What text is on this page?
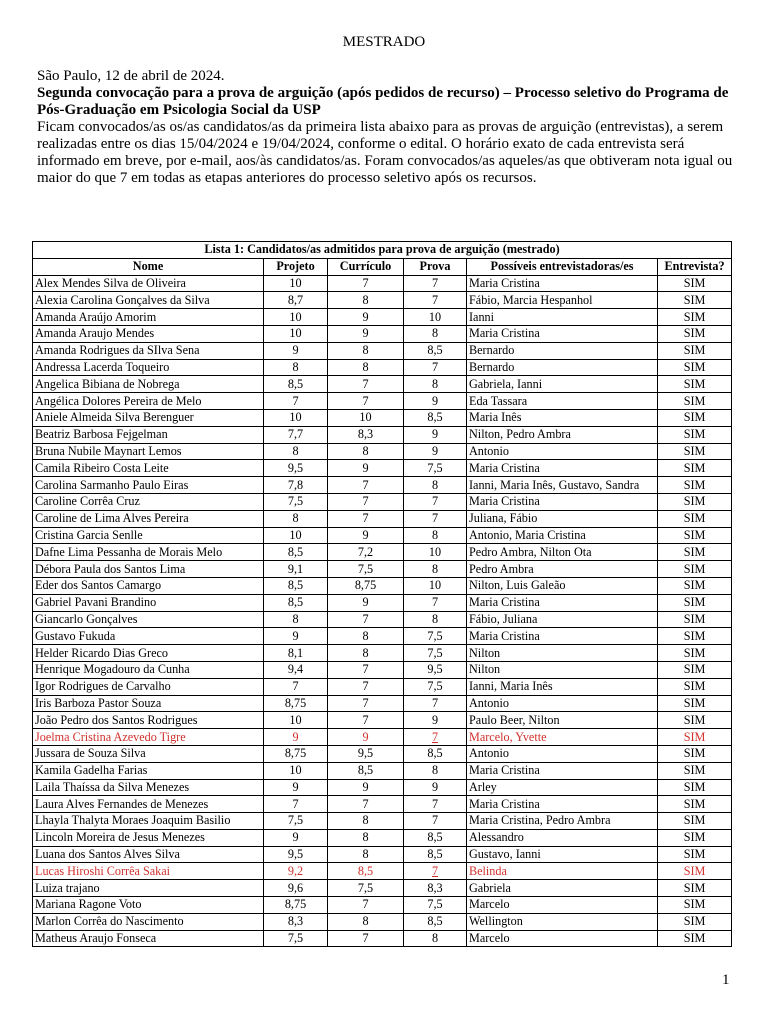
MESTRADO

São Paulo, 12 de abril de 2024.

Segunda convocação para a prova de arguição (após pedidos de recurso) – Processo seletivo do Programa de Pós-Graduação em Psicologia Social da USP

Ficam convocados/as os/as candidatos/as da primeira lista abaixo para as provas de arguição (entrevistas), a serem realizadas entre os dias 15/04/2024 e 19/04/2024, conforme o edital. O horário exato de cada entrevista será informado em breve, por e-mail, aos/às candidatos/as. Foram convocados/as aqueles/as que obtiveram nota igual ou maior do que 7 em todas as etapas anteriores do processo seletivo após os recursos.

Lista 1: Candidatos/as admitidos para prova de arguição (mestrado)					
Nome	Projeto	Currículo	Prova	Possíveis entrevistadoras/es	Entrevista?
Alex Mendes Silva de Oliveira	10	7	7	Maria Cristina	SIM
Alexia Carolina Gonçalves da Silva	8,7	8	7	Fábio, Marcia Hespanhol	SIM
Amanda Araújo Amorim	10	9	10	Ianni	SIM
Amanda Araujo Mendes	10	9	8	Maria Cristina	SIM
Amanda Rodrigues da SIlva Sena	9	8	8,5	Bernardo	SIM
Andressa Lacerda Toqueiro	8	8	7	Bernardo	SIM
Angelica Bibiana de Nobrega	8,5	7	8	Gabriela, Ianni	SIM
Angélica Dolores Pereira de Melo	7	7	9	Eda Tassara	SIM
Aniele Almeida Silva Berenguer	10	10	8,5	Maria Inês	SIM
Beatriz Barbosa Fejgelman	7,7	8,3	9	Nilton, Pedro Ambra	SIM
Bruna Nubile Maynart Lemos	8	8	9	Antonio	SIM
Camila Ribeiro Costa Leite	9,5	9	7,5	Maria Cristina	SIM
Carolina Sarmanho Paulo Eiras	7,8	7	8	Ianni, Maria Inês, Gustavo, Sandra	SIM
Caroline Corrêa Cruz	7,5	7	7	Maria Cristina	SIM
Caroline de Lima Alves Pereira	8	7	7	Juliana, Fábio	SIM
Cristina Garcia Senlle	10	9	8	Antonio, Maria Cristina	SIM
Dafne Lima Pessanha de Morais Melo	8,5	7,2	10	Pedro Ambra, Nilton Ota	SIM
Débora Paula dos Santos Lima	9,1	7,5	8	Pedro Ambra	SIM
Eder dos Santos Camargo	8,5	8,75	10	Nilton, Luis Galeão	SIM
Gabriel Pavani Brandino	8,5	9	7	Maria Cristina	SIM
Giancarlo Gonçalves	8	7	8	Fábio, Juliana	SIM
Gustavo Fukuda	9	8	7,5	Maria Cristina	SIM
Helder Ricardo Dias Greco	8,1	8	7,5	Nilton	SIM
Henrique Mogadouro da Cunha	9,4	7	9,5	Nilton	SIM
Igor Rodrigues de Carvalho	7	7	7,5	Ianni, Maria Inês	SIM
Iris Barboza Pastor Souza	8,75	7	7	Antonio	SIM
João Pedro dos Santos Rodrigues	10	7	9	Paulo Beer, Nilton	SIM
Joelma Cristina Azevedo Tigre	9	9	7	Marcelo, Yvette	SIM
Jussara de Souza Silva	8,75	9,5	8,5	Antonio	SIM
Kamila Gadelha Farias	10	8,5	8	Maria Cristina	SIM
Laila Thaíssa da Silva Menezes	9	9	9	Arley	SIM
Laura Alves Fernandes de Menezes	7	7	7	Maria Cristina	SIM
Lhayla Thalyta Moraes Joaquim Basilio	7,5	8	7	Maria Cristina, Pedro Ambra	SIM
Lincoln Moreira de Jesus Menezes	9	8	8,5	Alessandro	SIM
Luana dos Santos Alves Silva	9,5	8	8,5	Gustavo, Ianni	SIM
Lucas Hiroshi Corrêa Sakai	9,2	8,5	7	Belinda	SIM
Luiza trajano	9,6	7,5	8,3	Gabriela	SIM
Mariana Ragone Voto	8,75	7	7,5	Marcelo	SIM
Marlon Corrêa do Nascimento	8,3	8	8,5	Wellington	SIM
Matheus Araujo Fonseca	7,5	7	8	Marcelo	SIM
1
